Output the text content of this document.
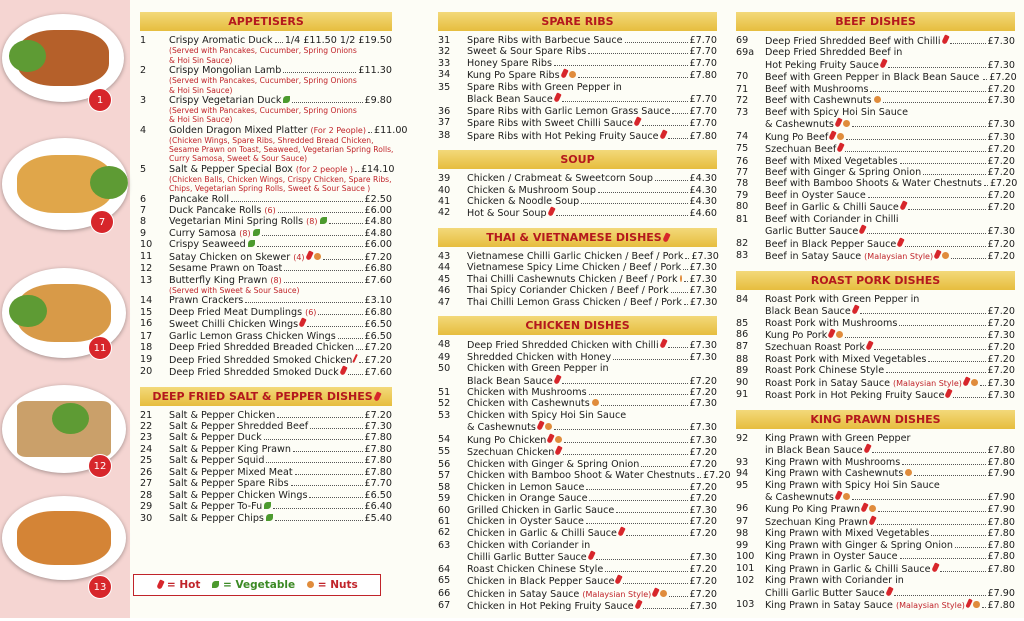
1
7
11
12
13
APPETISERS
1	Crispy Aromatic Duck 1/4 £11.50 1/2 £19.50
(Served with Pancakes, Cucumber, Spring Onions
& Hoi Sin Sauce)
2	Crispy Mongolian Lamb	£11.30
(Served with Pancakes, Cucumber, Spring Onions
& Hoi Sin Sauce)
3	Crispy Vegetarian Duck	£9.80
(Served with Pancakes, Cucumber, Spring Onions
& Hoi Sin Sauce)
4	Golden Dragon Mixed Platter (For 2 People) £11.00
(Chicken Wings, Spare Ribs, Shredded Bread Chicken,
Sesame Prawn on Toast, Seaweed, Vegetarian Spring Rolls,
Curry Samosa, Sweet & Sour Sauce)
5	Salt & Pepper Special Box (for 2 people ) £14.10
(Chicken Balls, Chicken Wings, Crispy Chicken, Spare Ribs,
Chips, Vegetarian Spring Rolls, Sweet & Sour Sauce )
6	Pancake Roll	£2.50
7	Duck Pancake Rolls (6)	£6.00
8	Vegetarian Mini Spring Rolls (8)	£4.80
9	Curry Samosa (8)	£4.80
10	Crispy Seaweed	£6.00
11	Satay Chicken on Skewer (4)	£7.20
12	Sesame Prawn on Toast	£6.80
13	Butterfly King Prawn (8)	£7.60
(Served with Sweet & Sour Sauce)
14	Prawn Crackers	£3.10
15	Deep Fried Meat Dumplings (6)	£6.80
16	Sweet Chilli Chicken Wings	£6.50
17	Garlic Lemon Grass Chicken Wings	£6.50
18	Deep Fried Shredded Breaded Chicken £7.20
19	Deep Fried Shredded Smoked Chicken £7.20
20	Deep Fried Shredded Smoked Duck	£7.60
DEEP FRIED SALT & PEPPER DISHES
21	Salt & Pepper Chicken	£7.20
22	Salt & Pepper Shredded Beef	£7.30
23	Salt & Pepper Duck	£7.80
24	Salt & Pepper King Prawn	£7.80
25	Salt & Pepper Squid	£7.80
26	Salt & Pepper Mixed Meat	£7.80
27	Salt & Pepper Spare Ribs	£7.70
28	Salt & Pepper Chicken Wings	£6.50
29	Salt & Pepper To-Fu	£6.40
30	Salt & Pepper Chips	£5.40
SPARE RIBS
31	Spare Ribs with Barbecue Sauce	£7.70
32	Sweet & Sour Spare Ribs	£7.70
33	Honey Spare Ribs	£7.70
34	Kung Po Spare Ribs	£7.80
35	Spare Ribs with Green Pepper in
Black Bean Sauce	£7.70
36	Spare Ribs with Garlic Lemon Grass Sauce £7.70
37	Spare Ribs with Sweet Chilli Sauce	£7.70
38	Spare Ribs with Hot Peking Fruity Sauce	£7.80
SOUP
39	Chicken / Crabmeat & Sweetcorn Soup	£4.30
40	Chicken & Mushroom Soup	£4.30
41	Chicken & Noodle Soup	£4.30
42	Hot & Sour Soup	£4.60
THAI & VIETNAMESE DISHES
43	Vietnamese Chilli Garlic Chicken / Beef / Pork £7.30
44	Vietnamese Spicy Lime Chicken / Beef / Pork £7.30
45	Thai Chilli Cashewnuts Chicken / Beef / Pork £7.30
46	Thai Spicy Coriander Chicken / Beef / Pork £7.30
47	Thai Chilli Lemon Grass Chicken / Beef / Pork £7.30
CHICKEN DISHES
48	Deep Fried Shredded Chicken with Chilli	£7.30
49	Shredded Chicken with Honey	£7.30
50	Chicken with Green Pepper in
Black Bean Sauce	£7.20
51	Chicken with Mushrooms	£7.20
52	Chicken with Cashewnuts	£7.30
53	Chicken with Spicy Hoi Sin Sauce
& Cashewnuts	£7.30
54	Kung Po Chicken	£7.30
55	Szechuan Chicken	£7.20
56	Chicken with Ginger & Spring Onion	£7.20
57	Chicken with Bamboo Shoot & Water Chestnuts £7.20
58	Chicken in Lemon Sauce	£7.20
59	Chicken in Orange Sauce	£7.20
60	Grilled Chicken in Garlic Sauce	£7.30
61	Chicken in Oyster Sauce	£7.20
62	Chicken in Garlic & Chilli Sauce	£7.20
63	Chicken with Coriander in
Chilli Garlic Butter Sauce	£7.30
64	Roast Chicken Chinese Style	£7.20
65	Chicken in Black Pepper Sauce	£7.20
66	Chicken in Satay Sauce (Malaysian Style)	£7.20
67	Chicken in Hot Peking Fruity Sauce	£7.30
BEEF DISHES
69	Deep Fried Shredded Beef with Chilli	£7.30
69a	Deep Fried Shredded Beef in
Hot Peking Fruity Sauce	£7.30
70	Beef with Green Pepper in Black Bean Sauce £7.20
71	Beef with Mushrooms	£7.20
72	Beef with Cashewnuts	£7.30
73	Beef with Spicy Hoi Sin Sauce
& Cashewnuts	£7.30
74	Kung Po Beef	£7.30
75	Szechuan Beef	£7.20
76	Beef with Mixed Vegetables	£7.20
77	Beef with Ginger & Spring Onion	£7.20
78	Beef with Bamboo Shoots & Water Chestnuts £7.20
79	Beef in Oyster Sauce	£7.20
80	Beef in Garlic & Chilli Sauce	£7.20
81	Beef with Coriander in Chilli
Garlic Butter Sauce	£7.30
82	Beef in Black Pepper Sauce	£7.20
83	Beef in Satay Sauce (Malaysian Style)	£7.20
ROAST PORK DISHES
84	Roast Pork with Green Pepper in
Black Bean Sauce	£7.20
85	Roast Pork with Mushrooms	£7.20
86	Kung Po Pork	£7.30
87	Szechuan Roast Pork	£7.20
88	Roast Pork with Mixed Vegetables	£7.20
89	Roast Pork Chinese Style	£7.20
90	Roast Pork in Satay Sauce (Malaysian Style)	£7.30
91	Roast Pork in Hot Peking Fruity Sauce	£7.30
KING PRAWN DISHES
92	King Prawn with Green Pepper
in Black Bean Sauce	£7.80
93	King Prawn with Mushrooms	£7.80
94	King Prawn with Cashewnuts	£7.90
95	King Prawn with Spicy Hoi Sin Sauce
& Cashewnuts	£7.90
96	Kung Po King Prawn	£7.90
97	Szechuan King Prawn	£7.80
98	King Prawn with Mixed Vegetables	£7.80
99	King Prawn with Ginger & Spring Onion	£7.80
100	King Prawn in Oyster Sauce	£7.80
101	King Prawn in Garlic & Chilli Sauce	£7.80
102	King Prawn with Coriander in
Chilli Garlic Butter Sauce	£7.90
103	King Prawn in Satay Sauce (Malaysian Style) £7.80
= Hot	= Vegetable	= Nuts
